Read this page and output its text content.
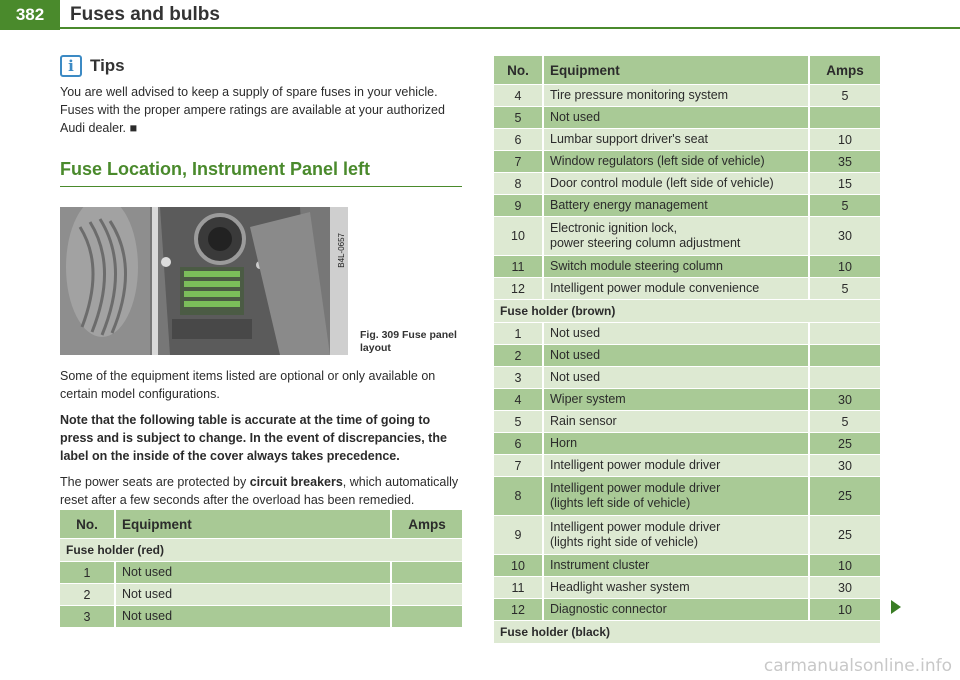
382	Fuses and bulbs
i Tips

You are well advised to keep a supply of spare fuses in your vehicle. Fuses with the proper ampere ratings are available at your authorized Audi dealer. ■

Fuse Location, Instrument Panel left
B4L-0657
Fig. 309 Fuse panel layout

Some of the equipment items listed are optional or only available on certain model configurations.

Note that the following table is accurate at the time of going to press and is subject to change. In the event of discrepancies, the label on the inside of the cover always takes precedence.

The power seats are protected by circuit breakers, which automatically reset after a few seconds after the overload has been remedied.

No.	Equipment	Amps
Fuse holder (red)		
1	Not used	
2	Not used	
3	Not used	
No.	Equipment	Amps
4	Tire pressure monitoring system	5
5	Not used	
6	Lumbar support driver's seat	10
7	Window regulators (left side of vehicle)	35
8	Door control module (left side of vehicle)	15
9	Battery energy management	5
10	Electronic ignition lock,
power steering column adjustment	30
11	Switch module steering column	10
12	Intelligent power module convenience	5
Fuse holder (brown)		
1	Not used	
2	Not used	
3	Not used	
4	Wiper system	30
5	Rain sensor	5
6	Horn	25
7	Intelligent power module driver	30
8	Intelligent power module driver
(lights left side of vehicle)	25
9	Intelligent power module driver
(lights right side of vehicle)	25
10	Instrument cluster	10
11	Headlight washer system	30
12	Diagnostic connector	10
Fuse holder (black)		
carmanualsonline.info
